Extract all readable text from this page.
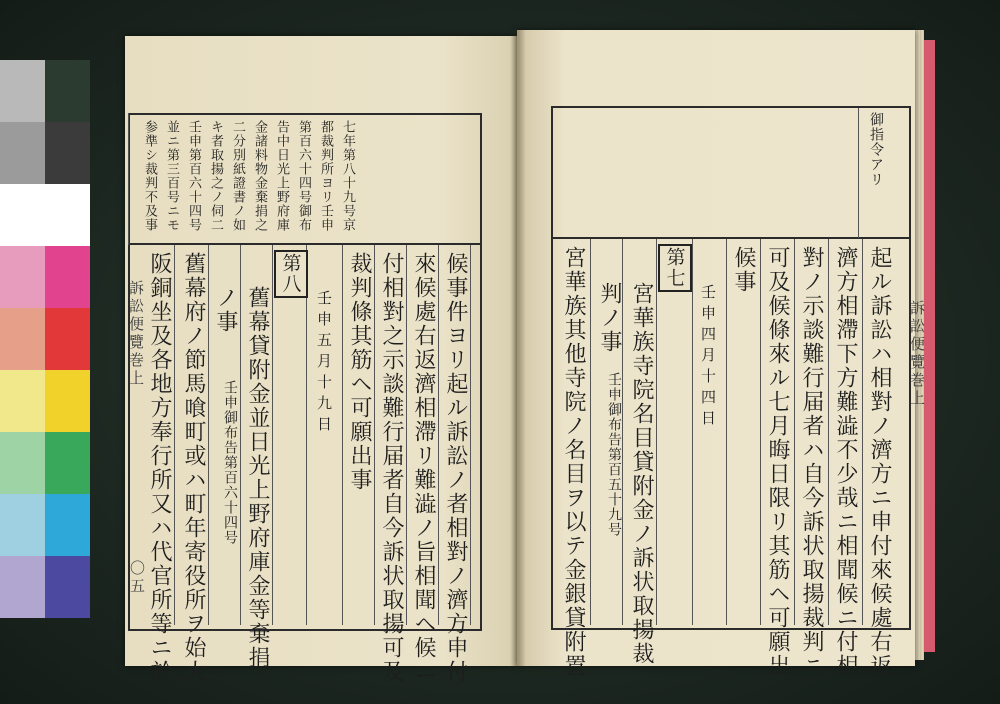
七年第八十九号京
都裁判所ヨリ壬申
第百六十四号御布
告中日光上野府庫
金諸料物金棄捐之
二分別紙證書ノ如
キ者取揚之ノ伺二
壬申第百六十四号
並ニ第三百号ニモ
参準シ裁判不及事
候事件ヨリ起ル訴訟ノ者相對ノ濟方申付
來候處右返濟相滯リ難澁ノ旨相聞ヘ候ニ
付相對之示談難行届者自今訴状取揚可及
裁判條其筋ヘ可願出事
壬申五月十九日
第八
舊幕貸附金並日光上野府庫金等棄捐
ノ事
壬申御布告第百六十四号
舊幕府ノ節馬喰町或ハ町年寄役所ヲ始大
阪銅坐及各地方奉行所又ハ代官所等ニ於
訴訟便覽巻上
〇五
御指令アリ

起ル訴訟ハ相對ノ濟方ニ申付來候處右返
濟方相滯下方難澁不少哉ニ相聞候ニ付相
對ノ示談難行届者ハ自今訴状取揚裁判ニ
可及候條來ル七月晦日限リ其筋ヘ可願出
候事
壬申四月十四日
第七
宮華族寺院名目貸附金ノ訴状取揚裁
判ノ事
壬申御布告第百五十九号
宮華族其他寺院ノ名目ヲ以テ金銀貸附置	訴訟便覽巻上
